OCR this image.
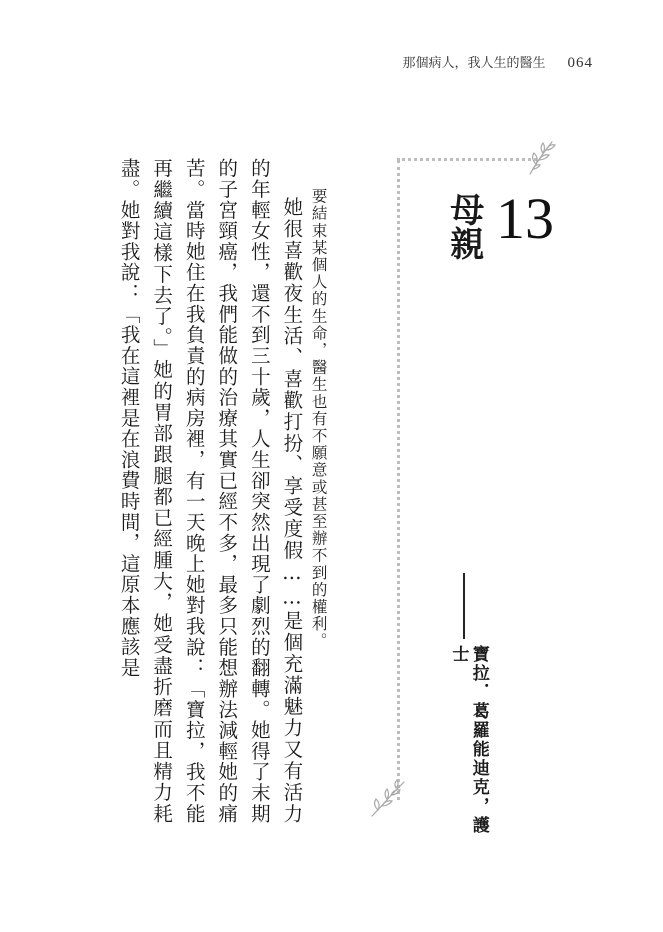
那個病人，我人生的醫生 064
13
母親
要結束某個人的生命，醫生也有不願意或甚至辦不到的權利。
寶拉．葛羅能迪克，護士

她很喜歡夜生活、喜歡打扮、享受度假……是個充滿魅力又有活力的年輕女性，還不到三十歲，人生卻突然出現了劇烈的翻轉。她得了末期的子宮頸癌，我們能做的治療其實已經不多，最多只能想辦法減輕她的痛苦。當時她住在我負責的病房裡，有一天晚上她對我說：「寶拉，我不能再繼續這樣下去了。」她的胃部跟腿都已經腫大，她受盡折磨而且精力耗盡。她對我說：「我在這裡是在浪費時間，這原本應該是
